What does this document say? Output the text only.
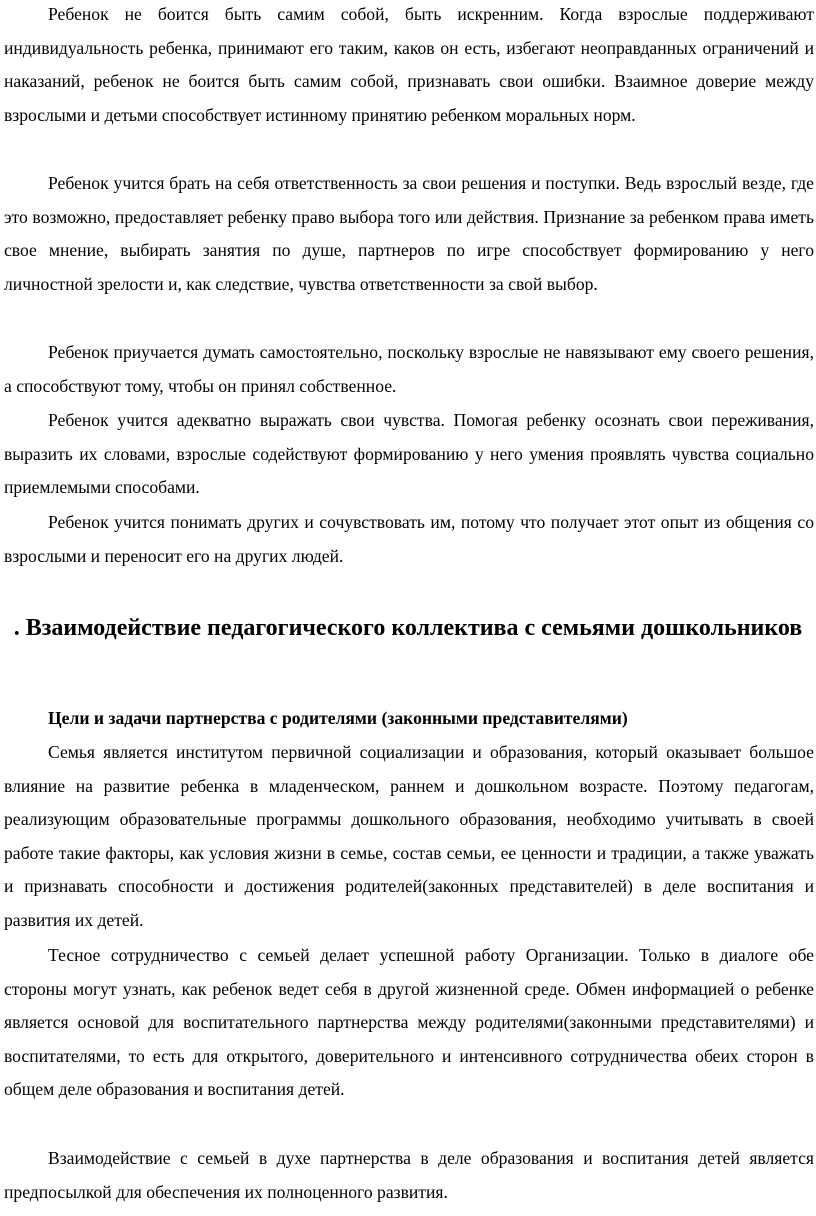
Ребенок не боится быть самим собой, быть искренним. Когда взрослые поддерживают индивидуальность ребенка, принимают его таким, каков он есть, избегают неоправданных ограничений и наказаний, ребенок не боится быть самим собой, признавать свои ошибки. Взаимное доверие между взрослыми и детьми способствует истинному принятию ребенком моральных норм.

Ребенок учится брать на себя ответственность за свои решения и поступки. Ведь взрослый везде, где это возможно, предоставляет ребенку право выбора того или действия. Признание за ребенком права иметь свое мнение, выбирать занятия по душе, партнеров по игре способствует формированию у него личностной зрелости и, как следствие, чувства ответственности за свой выбор.

Ребенок приучается думать самостоятельно, поскольку взрослые не навязывают ему своего решения, а способствуют тому, чтобы он принял собственное.

Ребенок учится адекватно выражать свои чувства. Помогая ребенку осознать свои переживания, выразить их словами, взрослые содействуют формированию у него умения проявлять чувства социально приемлемыми способами.

Ребенок учится понимать других и сочувствовать им, потому что получает этот опыт из общения со взрослыми и переносит его на других людей.

. Взаимодействие педагогического коллектива с семьями дошкольников
Цели и задачи партнерства с родителями (законными представителями)

Семья является институтом первичной социализации и образования, который оказывает большое влияние на развитие ребенка в младенческом, раннем и дошкольном возрасте. Поэтому педагогам, реализующим образовательные программы дошкольного образования, необходимо учитывать в своей работе такие факторы, как условия жизни в семье, состав семьи, ее ценности и традиции, а также уважать и признавать способности и достижения родителей(законных представителей) в деле воспитания и развития их детей.

Тесное сотрудничество с семьей делает успешной работу Организации. Только в диалоге обе стороны могут узнать, как ребенок ведет себя в другой жизненной среде. Обмен информацией о ребенке является основой для воспитательного партнерства между родителями(законными представителями) и воспитателями, то есть для открытого, доверительного и интенсивного сотрудничества обеих сторон в общем деле образования и воспитания детей.

Взаимодействие с семьей в духе партнерства в деле образования и воспитания детей является предпосылкой для обеспечения их полноценного развития.
